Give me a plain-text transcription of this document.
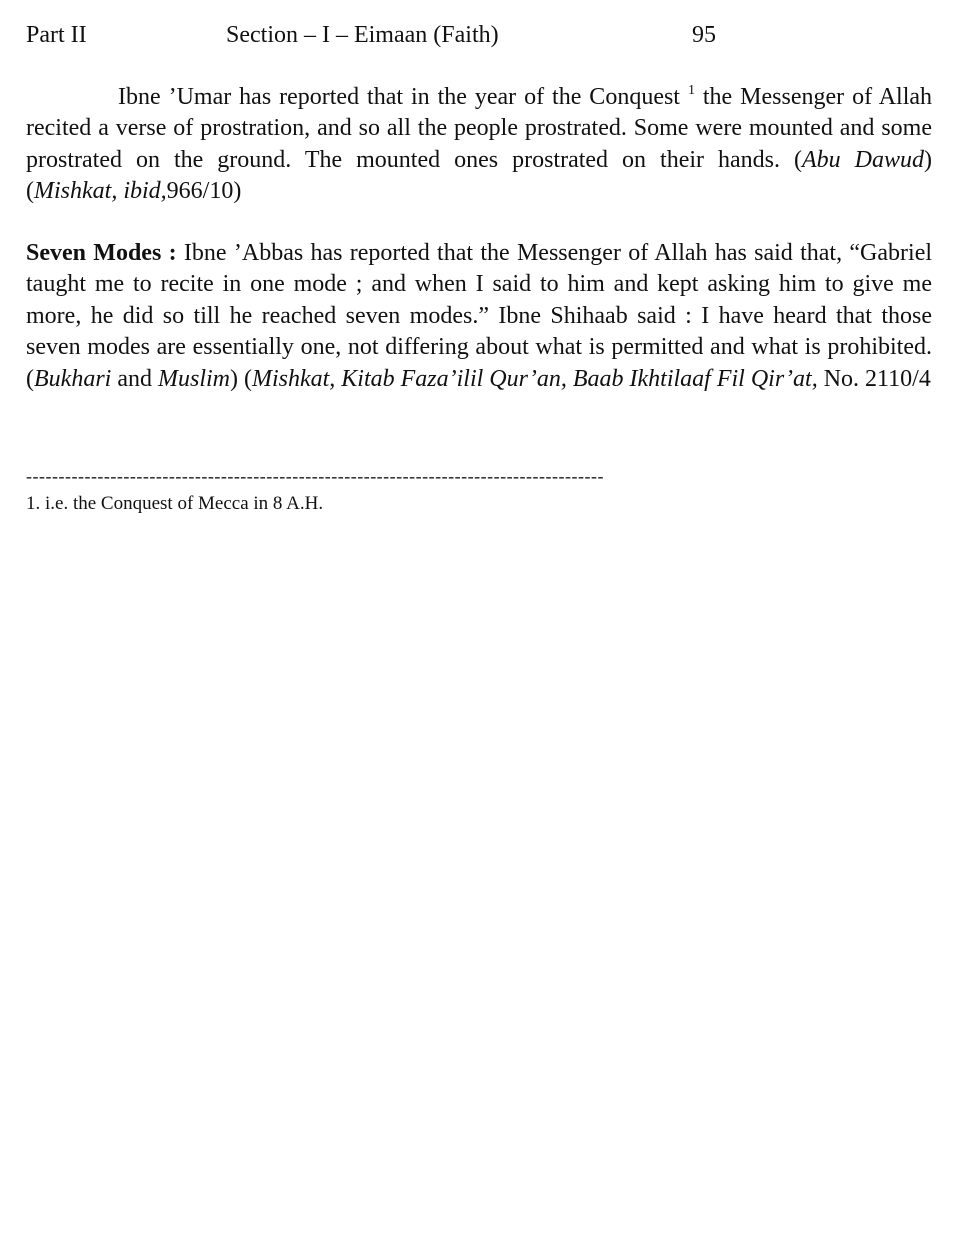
Part II	Section – I – Eimaan (Faith)	95

Ibne ’Umar has reported that in the year of the Conquest $^1$ the Messenger of Allah recited a verse of prostration, and so all the people prostrated. Some were mounted and some prostrated on the ground. The mounted ones prostrated on their hands. (Abu Dawud) (Mishkat, ibid,966/10)

Seven Modes : Ibne ’Abbas has reported that the Messenger of Allah has said that, “Gabriel taught me to recite in one mode ; and when I said to him and kept asking him to give me more, he did so till he reached seven modes.” Ibne Shihaab said : I have heard that those seven modes are essentially one, not differing about what is permitted and what is prohibited. (Bukhari and Muslim) (Mishkat, Kitab Faza’ilil Qur’an, Baab Ikhtilaaf Fil Qir’at, No. 2110/4

-----------------------------------------------------------------------------------------
1. i.e. the Conquest of Mecca in 8 A.H.
